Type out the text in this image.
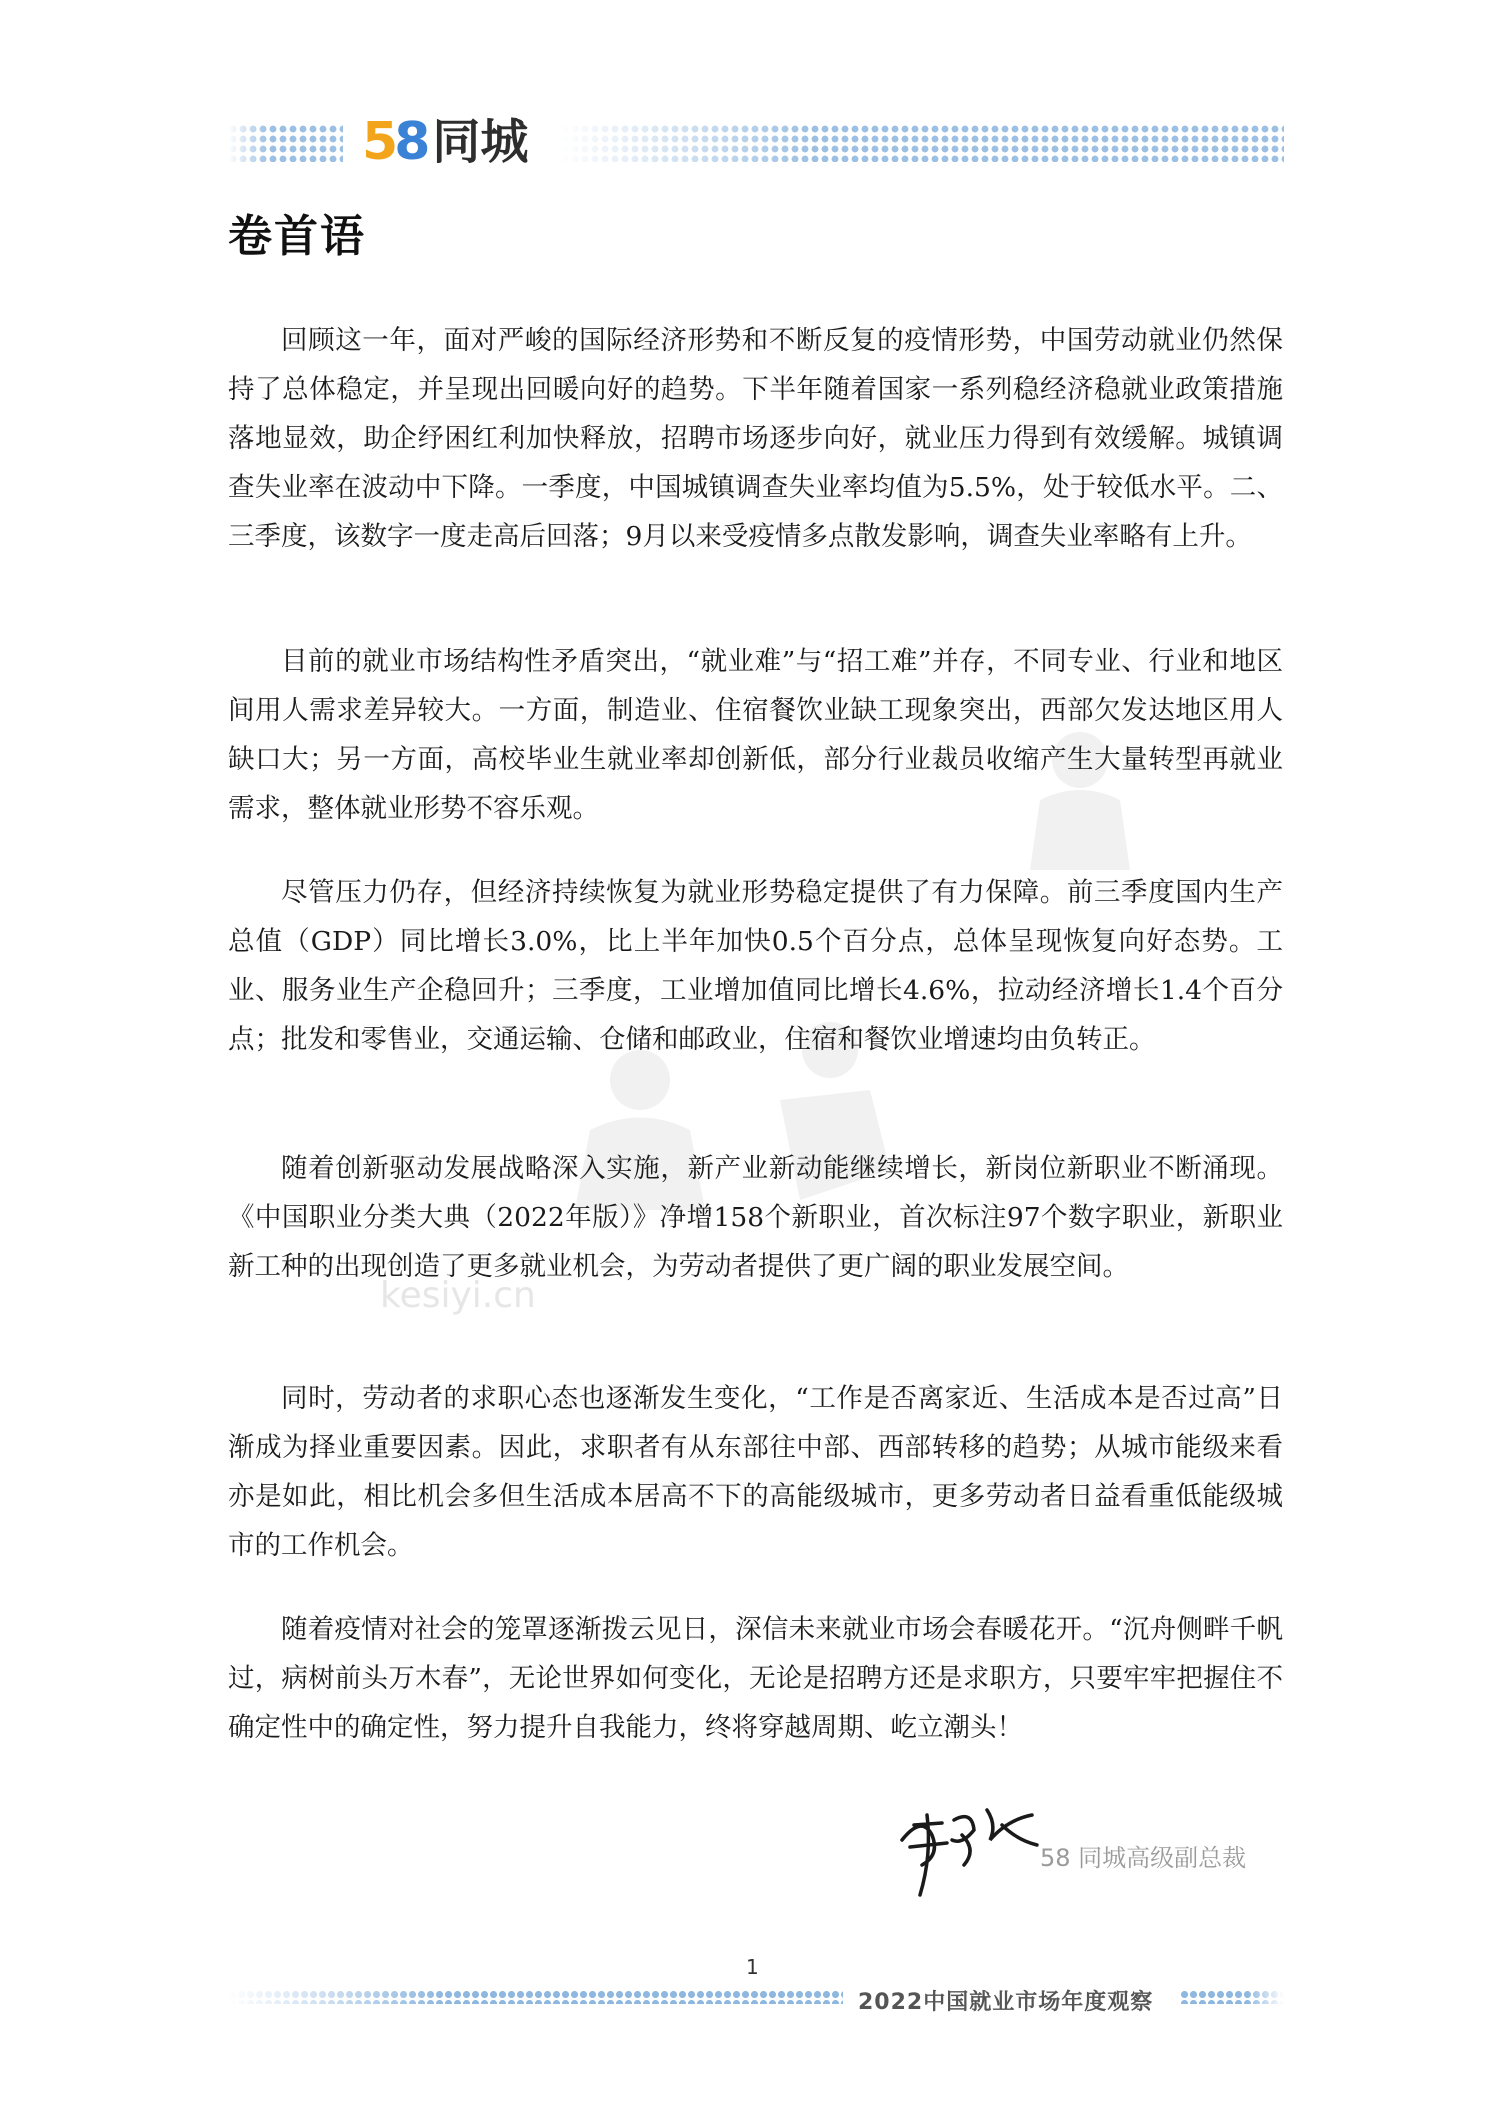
5
8 同城
卷首语
kesiyi.cn

回顾这一年，面对严峻的国际经济形势和不断反复的疫情形势，中国劳动就业仍然保持了总体稳定，并呈现出回暖向好的趋势。下半年随着国家一系列稳经济稳就业政策措施落地显效，助企纾困红利加快释放，招聘市场逐步向好，就业压力得到有效缓解。城镇调查失业率在波动中下降。一季度，中国城镇调查失业率均值为5.5%，处于较低水平。二、三季度，该数字一度走高后回落；9月以来受疫情多点散发影响，调查失业率略有上升。

目前的就业市场结构性矛盾突出，“就业难”与“招工难”并存，不同专业、行业和地区间用人需求差异较大。一方面，制造业、住宿餐饮业缺工现象突出，西部欠发达地区用人缺口大；另一方面，高校毕业生就业率却创新低，部分行业裁员收缩产生大量转型再就业需求，整体就业形势不容乐观。

尽管压力仍存，但经济持续恢复为就业形势稳定提供了有力保障。前三季度国内生产总值（GDP）同比增长3.0%，比上半年加快0.5个百分点，总体呈现恢复向好态势。工业、服务业生产企稳回升；三季度，工业增加值同比增长4.6%，拉动经济增长1.4个百分点；批发和零售业，交通运输、仓储和邮政业，住宿和餐饮业增速均由负转正。

随着创新驱动发展战略深入实施，新产业新动能继续增长，新岗位新职业不断涌现。《中国职业分类大典（2022年版）》净增158个新职业，首次标注97个数字职业，新职业新工种的出现创造了更多就业机会，为劳动者提供了更广阔的职业发展空间。

同时，劳动者的求职心态也逐渐发生变化，“工作是否离家近、生活成本是否过高”日渐成为择业重要因素。因此，求职者有从东部往中部、西部转移的趋势；从城市能级来看亦是如此，相比机会多但生活成本居高不下的高能级城市，更多劳动者日益看重低能级城市的工作机会。

随着疫情对社会的笼罩逐渐拨云见日，深信未来就业市场会春暖花开。“沉舟侧畔千帆过，病树前头万木春”，无论世界如何变化，无论是招聘方还是求职方，只要牢牢把握住不确定性中的确定性，努力提升自我能力，终将穿越周期、屹立潮头！

58 同城高级副总裁
1
2022中国就业市场年度观察
